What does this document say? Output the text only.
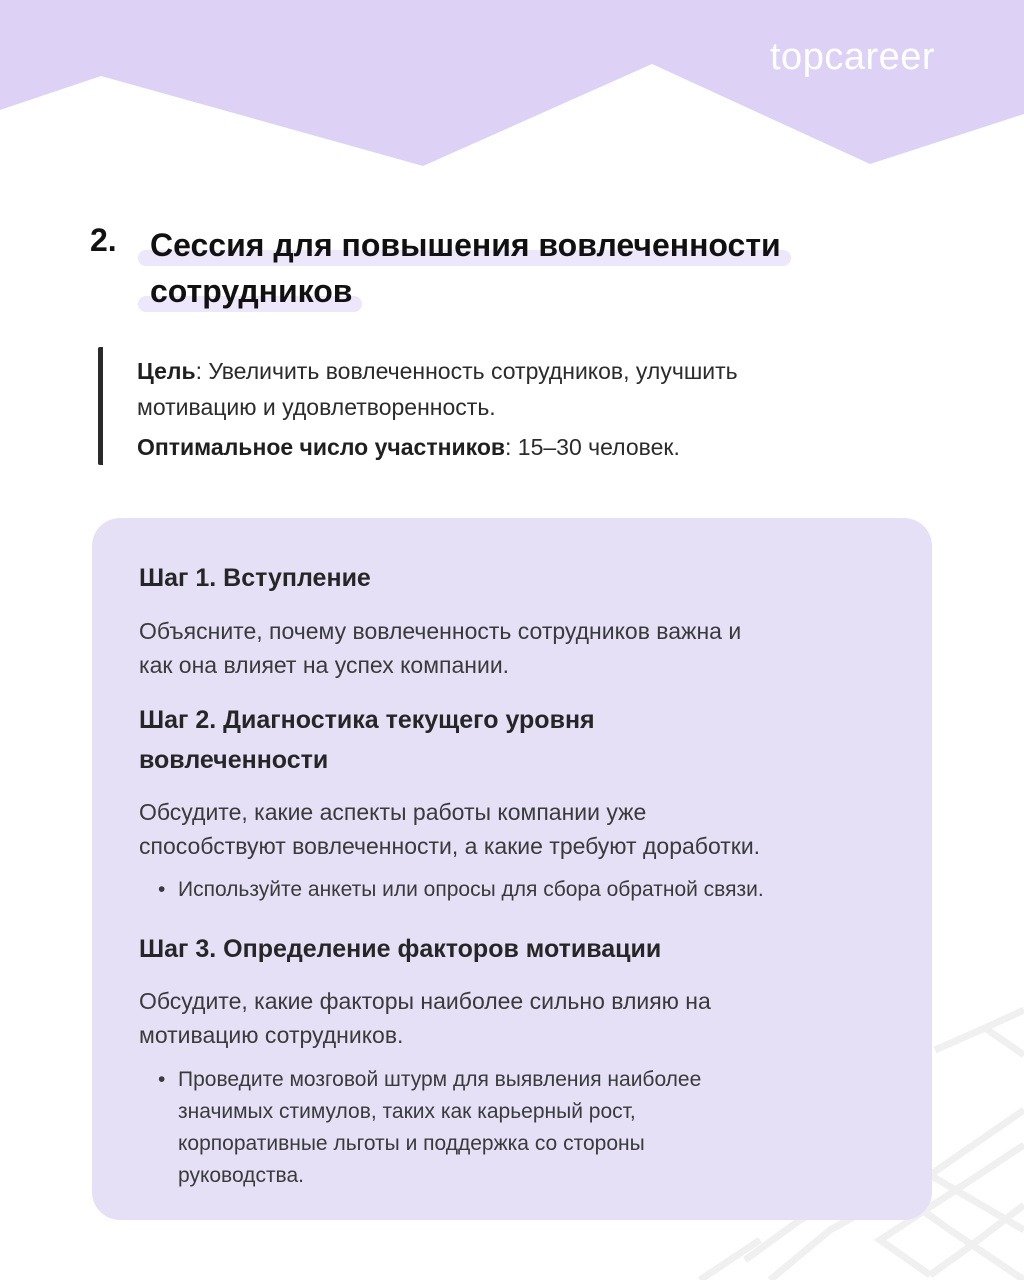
topcareer
2.	Сессия для повышения вовлеченности
сотрудников
Цель: Увеличить вовлеченность сотрудников, улучшить
мотивацию и удовлетворенность.
Оптимальное число участников: 15–30 человек.
Шаг 1. Вступление
Объясните, почему вовлеченность сотрудников важна и
как она влияет на успех компании.
Шаг 2. Диагностика текущего уровня
вовлеченности
Обсудите, какие аспекты работы компании уже
способствуют вовлеченности, а какие требуют доработки.
• Используйте анкеты или опросы для сбора обратной связи.
Шаг 3. Определение факторов мотивации
Обсудите, какие факторы наиболее сильно влияю на
мотивацию сотрудников.
• Проведите мозговой штурм для выявления наиболее
значимых стимулов, таких как карьерный рост,
корпоративные льготы и поддержка со стороны
руководства.
